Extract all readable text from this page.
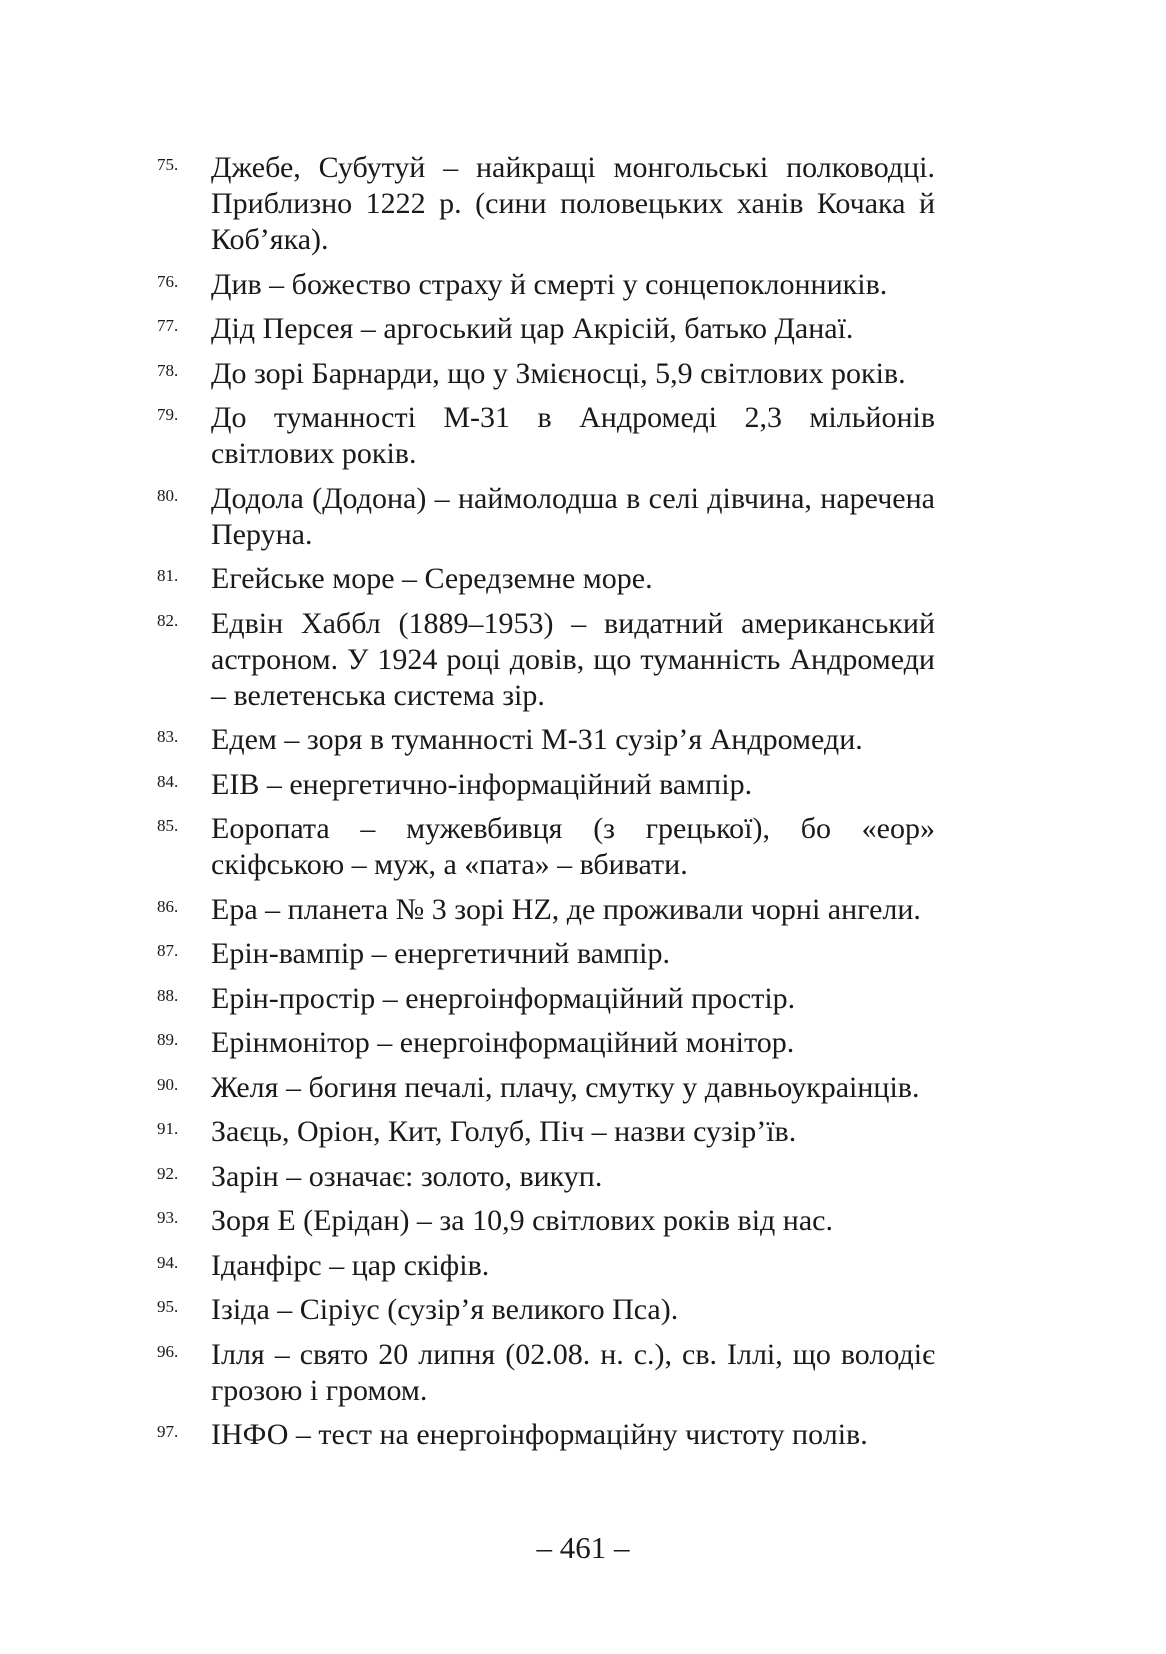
75. Джебе, Субутуй – найкращі монгольські полководці. Приблизно 1222 р. (сини половецьких ханів Кочака й Коб’яка).
76. Див – божество страху й смерті у сонцепоклонників.
77. Дід Персея – аргоський цар Акрісій, батько Данаї.
78. До зорі Барнарди, що у Змієносці, 5,9 світлових років.
79. До туманності М-31 в Андромеді 2,3 мільйонів світлових років.
80. Додола (Додона) – наймолодша в селі дівчина, наречена Перуна.
81. Егейське море – Середземне море.
82. Едвін Хаббл (1889–1953) – видатний американський астроном. У 1924 році довів, що туманність Андромеди – велетенська система зір.
83. Едем – зоря в туманності М-31 сузір’я Андромеди.
84. ЕІВ – енергетично-інформаційний вампір.
85. Еоропата – мужевбивця (з грецької), бо «еор» скіфською – муж, а «пата» – вбивати.
86. Ера – планета № 3 зорі HZ, де проживали чорні ангели.
87. Ерін-вампір – енергетичний вампір.
88. Ерін-простір – енергоінформаційний простір.
89. Ерінмонітор – енергоінформаційний монітор.
90. Желя – богиня печалі, плачу, смутку у давньоукраінців.
91. Заєць, Оріон, Кит, Голуб, Піч – назви сузір’їв.
92. Зарін – означає: золото, викуп.
93. Зоря Е (Ерідан) – за 10,9 світлових років від нас.
94. Іданфірс – цар скіфів.
95. Ізіда – Сіріус (сузір’я великого Пса).
96. Ілля – свято 20 липня (02.08. н. с.), св. Іллі, що володіє грозою і громом.
97. ІНФО – тест на енергоінформаційну чистоту полів.
– 461 –
